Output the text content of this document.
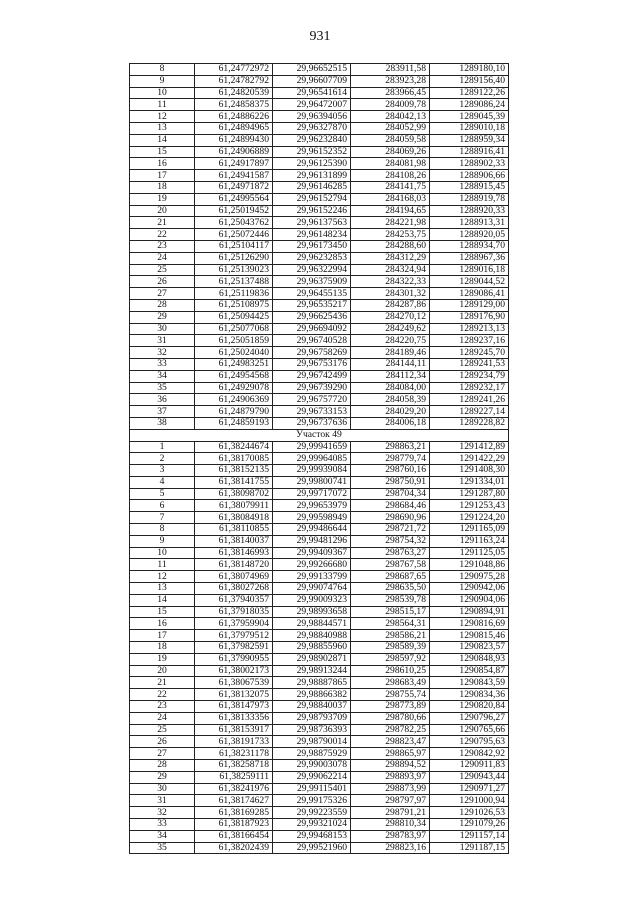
931
8	61,24772972	29,96652515	283911,58	1289180,10
9	61,24782792	29,96607709	283923,28	1289156,40
10	61,24820539	29,96541614	283966,45	1289122,26
11	61,24858375	29,96472007	284009,78	1289086,24
12	61,24886226	29,96394056	284042,13	1289045,39
13	61,24894965	29,96327870	284052,99	1289010,18
14	61,24899430	29,96232840	284059,58	1288959,34
15	61,24906889	29,96152352	284069,26	1288916,41
16	61,24917897	29,96125390	284081,98	1288902,33
17	61,24941587	29,96131899	284108,26	1288906,66
18	61,24971872	29,96146285	284141,75	1288915,45
19	61,24995564	29,96152794	284168,03	1288919,78
20	61,25019452	29,96152246	284194,65	1288920,33
21	61,25043762	29,96137563	284221,98	1288913,31
22	61,25072446	29,96148234	284253,75	1288920,05
23	61,25104117	29,96173450	284288,60	1288934,70
24	61,25126290	29,96232853	284312,29	1288967,36
25	61,25139023	29,96322994	284324,94	1289016,18
26	61,25137488	29,96375909	284322,33	1289044,52
27	61,25119836	29,96455135	284301,32	1289086,41
28	61,25108975	29,96535217	284287,86	1289129,00
29	61,25094425	29,96625436	284270,12	1289176,90
30	61,25077068	29,96694092	284249,62	1289213,13
31	61,25051859	29,96740528	284220,75	1289237,16
32	61,25024040	29,96758269	284189,46	1289245,70
33	61,24983251	29,96753176	284144,11	1289241,53
34	61,24954568	29,96742499	284112,34	1289234,79
35	61,24929078	29,96739290	284084,00	1289232,17
36	61,24906369	29,96757720	284058,39	1289241,26
37	61,24879790	29,96733153	284029,20	1289227,14
38	61,24859193	29,96737636	284006,18	1289228,82
Участок 49				
1	61,38244674	29,99941659	298863,21	1291412,89
2	61,38170085	29,99964085	298779,74	1291422,29
3	61,38152135	29,99939084	298760,16	1291408,30
4	61,38141755	29,99800741	298750,91	1291334,01
5	61,38098702	29,99717072	298704,34	1291287,80
6	61,38079911	29,99653979	298684,46	1291253,43
7	61,38084918	29,99598949	298690,96	1291224,20
8	61,38110855	29,99486644	298721,72	1291165,09
9	61,38140037	29,99481296	298754,32	1291163,24
10	61,38146993	29,99409367	298763,27	1291125,05
11	61,38148720	29,99266680	298767,58	1291048,86
12	61,38074969	29,99133799	298687,65	1290975,28
13	61,38027268	29,99074764	298635,50	1290942,06
14	61,37940357	29,99009323	298539,78	1290904,06
15	61,37918035	29,98993658	298515,17	1290894,91
16	61,37959904	29,98844571	298564,31	1290816,69
17	61,37979512	29,98840988	298586,21	1290815,46
18	61,37982591	29,98855960	298589,39	1290823,57
19	61,37990955	29,98902871	298597,92	1290848,93
20	61,38002173	29,98913244	298610,25	1290854,87
21	61,38067539	29,98887865	298683,49	1290843,59
22	61,38132075	29,98866382	298755,74	1290834,36
23	61,38147973	29,98840037	298773,89	1290820,84
24	61,38133356	29,98793709	298780,66	1290796,27
25	61,38153917	29,98736393	298782,25	1290765,66
26	61,38191733	29,98790014	298823,47	1290795,63
27	61,38231178	29,98875929	298865,97	1290842,92
28	61,38258718	29,99003078	298894,52	1290911,83
29	61,38259111	29,99062214	298893,97	1290943,44
30	61,38241976	29,99115401	298873,99	1290971,27
31	61,38174627	29,99175326	298797,97	1291000,94
32	61,38169285	29,99223559	298791,21	1291026,53
33	61,38187923	29,99321024	298810,34	1291079,26
34	61,38166454	29,99468153	298783,97	1291157,14
35	61,38202439	29,99521960	298823,16	1291187,15
